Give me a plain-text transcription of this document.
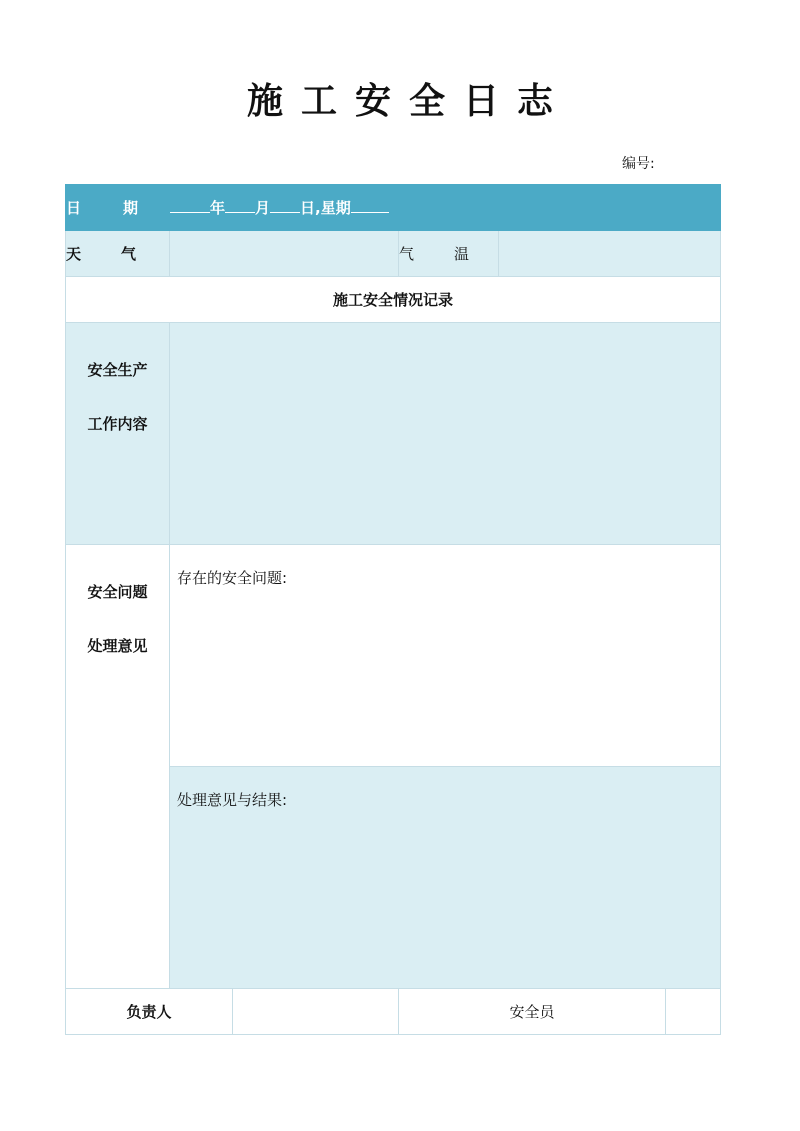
施工安全日志
编号:
日 期	年 月 日,星期				
天 气			气 温		
施工安全情况记录					

安全生产
工作内容					

安全问题
处理意见	存在的安全问题:				
	处理意见与结果:				
负责人			安全员		
